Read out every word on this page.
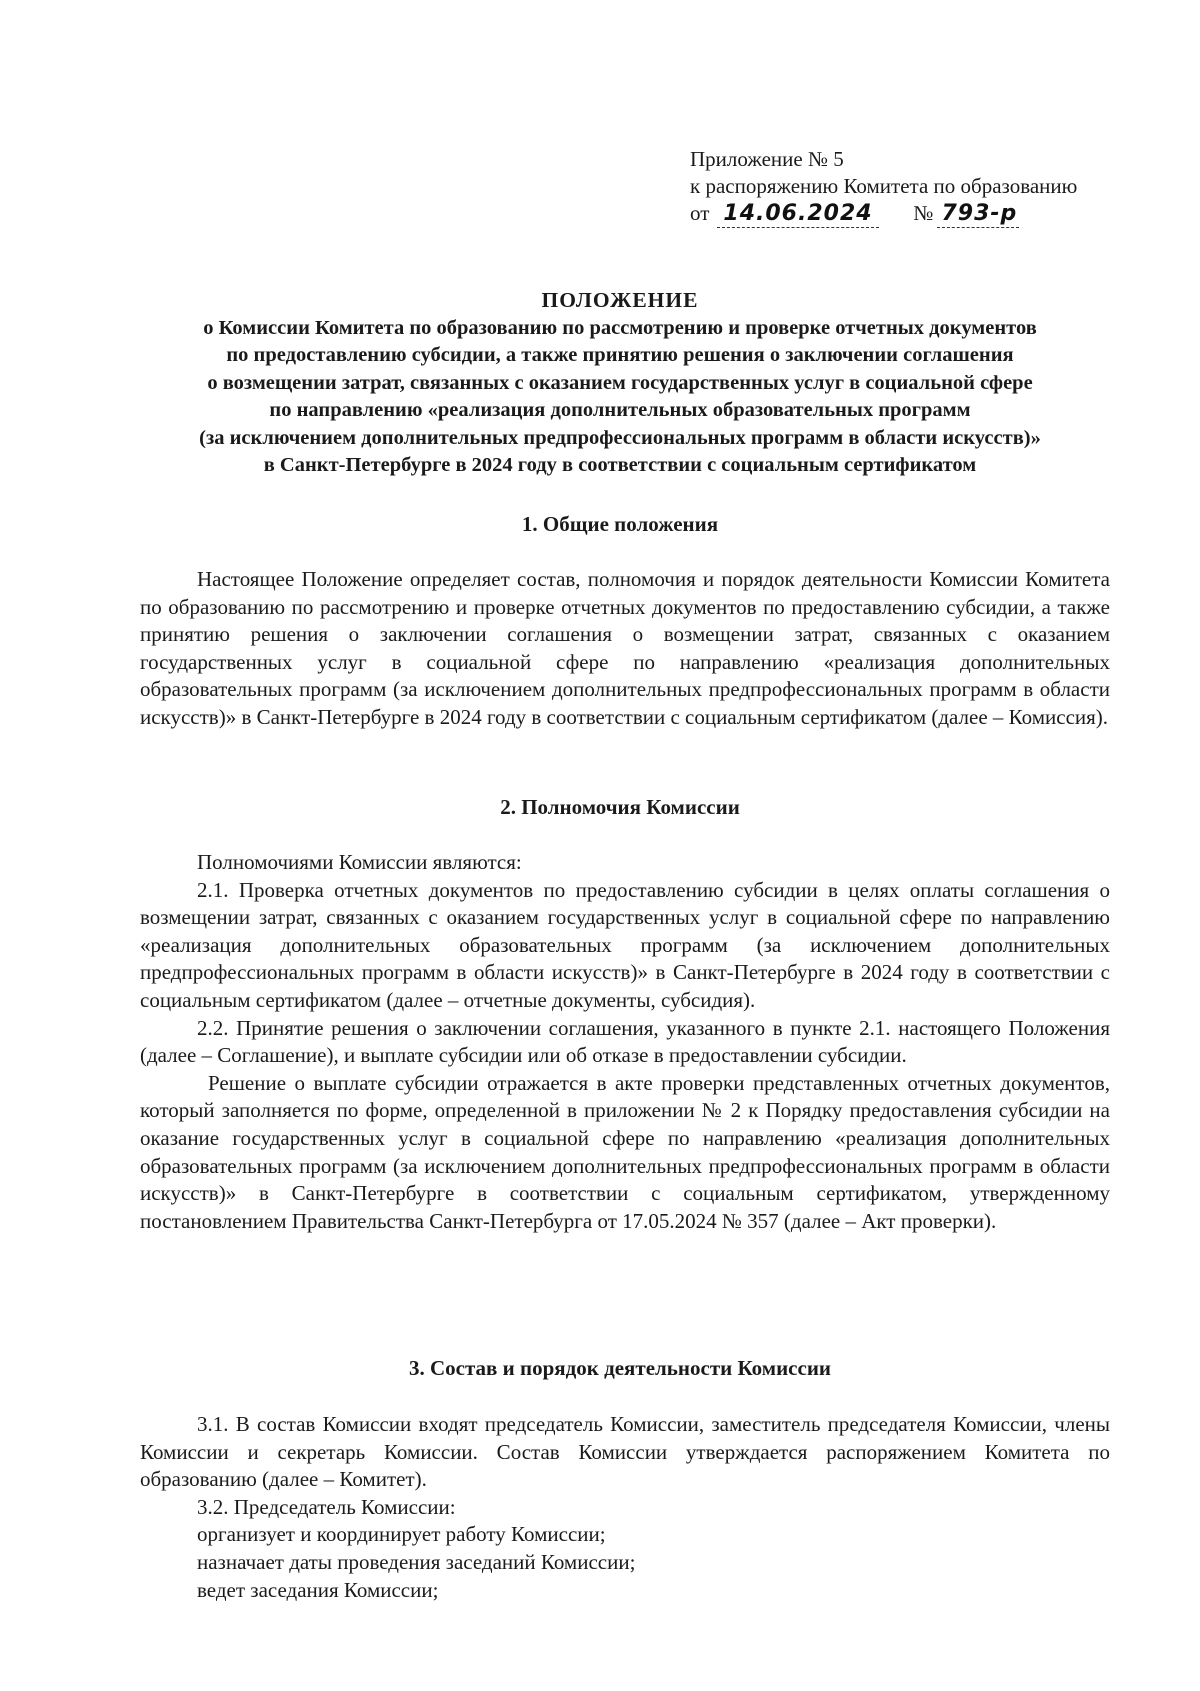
Приложение № 5
к распоряжению Комитета по образованию
от 14.06.2024 № 793-р
ПОЛОЖЕНИЕ
о Комиссии Комитета по образованию по рассмотрению и проверке отчетных документов
по предоставлению субсидии, а также принятию решения о заключении соглашения
о возмещении затрат, связанных с оказанием государственных услуг в социальной сфере
по направлению «реализация дополнительных образовательных программ
(за исключением дополнительных предпрофессиональных программ в области искусств)»
в Санкт-Петербурге в 2024 году в соответствии с социальным сертификатом
1. Общие положения

Настоящее Положение определяет состав, полномочия и порядок деятельности Комиссии Комитета по образованию по рассмотрению и проверке отчетных документов по предоставлению субсидии, а также принятию решения о заключении соглашения о возмещении затрат, связанных с оказанием государственных услуг в социальной сфере по направлению «реализация дополнительных образовательных программ (за исключением дополнительных предпрофессиональных программ в области искусств)» в Санкт-Петербурге в 2024 году в соответствии с социальным сертификатом (далее – Комиссия).

2. Полномочия Комиссии

Полномочиями Комиссии являются:

2.1. Проверка отчетных документов по предоставлению субсидии в целях оплаты соглашения о возмещении затрат, связанных с оказанием государственных услуг в социальной сфере по направлению «реализация дополнительных образовательных программ (за исключением дополнительных предпрофессиональных программ в области искусств)» в Санкт-Петербурге в 2024 году в соответствии с социальным сертификатом (далее – отчетные документы, субсидия).

2.2. Принятие решения о заключении соглашения, указанного в пункте 2.1. настоящего Положения (далее – Соглашение), и выплате субсидии или об отказе в предоставлении субсидии.

Решение о выплате субсидии отражается в акте проверки представленных отчетных документов, который заполняется по форме, определенной в приложении № 2 к Порядку предоставления субсидии на оказание государственных услуг в социальной сфере по направлению «реализация дополнительных образовательных программ (за исключением дополнительных предпрофессиональных программ в области искусств)» в Санкт-Петербурге в соответствии с социальным сертификатом, утвержденному постановлением Правительства Санкт-Петербурга от 17.05.2024 № 357 (далее – Акт проверки).

3. Состав и порядок деятельности Комиссии

3.1. В состав Комиссии входят председатель Комиссии, заместитель председателя Комиссии, члены Комиссии и секретарь Комиссии. Состав Комиссии утверждается распоряжением Комитета по образованию (далее – Комитет).

3.2. Председатель Комиссии:

организует и координирует работу Комиссии;

назначает даты проведения заседаний Комиссии;

ведет заседания Комиссии;
